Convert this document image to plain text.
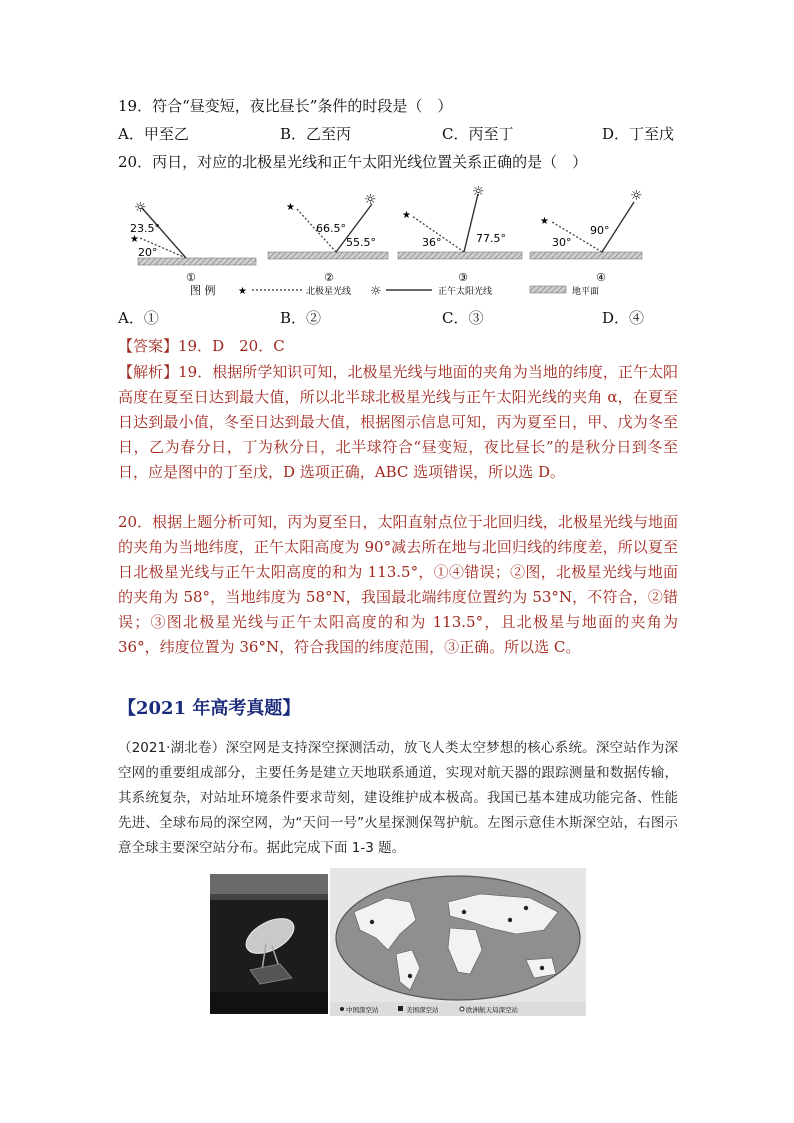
19．符合“昼变短，夜比昼长”条件的时段是（　）
A．甲至乙	B．乙至丙	C．丙至丁	D．丁至戊
20．丙日，对应的北极星光线和正午太阳光线位置关系正确的是（　）
☼
★
23.5°
20°
①
★	☼
66.5°
55.5°
②
★
☼
36°	77.5°
③
★
☼
30°
90°
④
图 例 ★	北极星光线 ☼	正午太阳光线	地平面
A．①	B．②	C．③	D．④
【答案】19．D　20．C
【解析】19．根据所学知识可知，北极星光线与地面的夹角为当地的纬度，正午太阳高度在夏至日达到最大值，所以北半球北极星光线与正午太阳光线的夹角 α，在夏至日达到最小值，冬至日达到最大值，根据图示信息可知，丙为夏至日，甲、戊为冬至日，乙为春分日，丁为秋分日，北半球符合“昼变短，夜比昼长”的是秋分日到冬至日，应是图中的丁至戊，D 选项正确，ABC 选项错误，所以选 D。
20．根据上题分析可知，丙为夏至日，太阳直射点位于北回归线，北极星光线与地面的夹角为当地纬度，正午太阳高度为 90°减去所在地与北回归线的纬度差，所以夏至日北极星光线与正午太阳高度的和为 113.5°，①④错误；②图，北极星光线与地面的夹角为 58°，当地纬度为 58°N，我国最北端纬度位置约为 53°N，不符合，②错误；③图北极星光线与正午太阳高度的和为 113.5°，且北极星与地面的夹角为 36°，纬度位置为 36°N，符合我国的纬度范围，③正确。所以选 C。
【2021 年高考真题】
（2021·湖北卷）深空网是支持深空探测活动，放飞人类太空梦想的核心系统。深空站作为深空网的重要组成部分，主要任务是建立天地联系通道，实现对航天器的跟踪测量和数据传输，其系统复杂，对站址环境条件要求苛刻，建设维护成本极高。我国已基本建成功能完备、性能先进、全球布局的深空网，为“天问一号”火星探测保驾护航。左图示意佳木斯深空站，右图示意全球主要深空站分布。据此完成下面 1-3 题。
中国深空站	美国深空站	欧洲航天局深空站
